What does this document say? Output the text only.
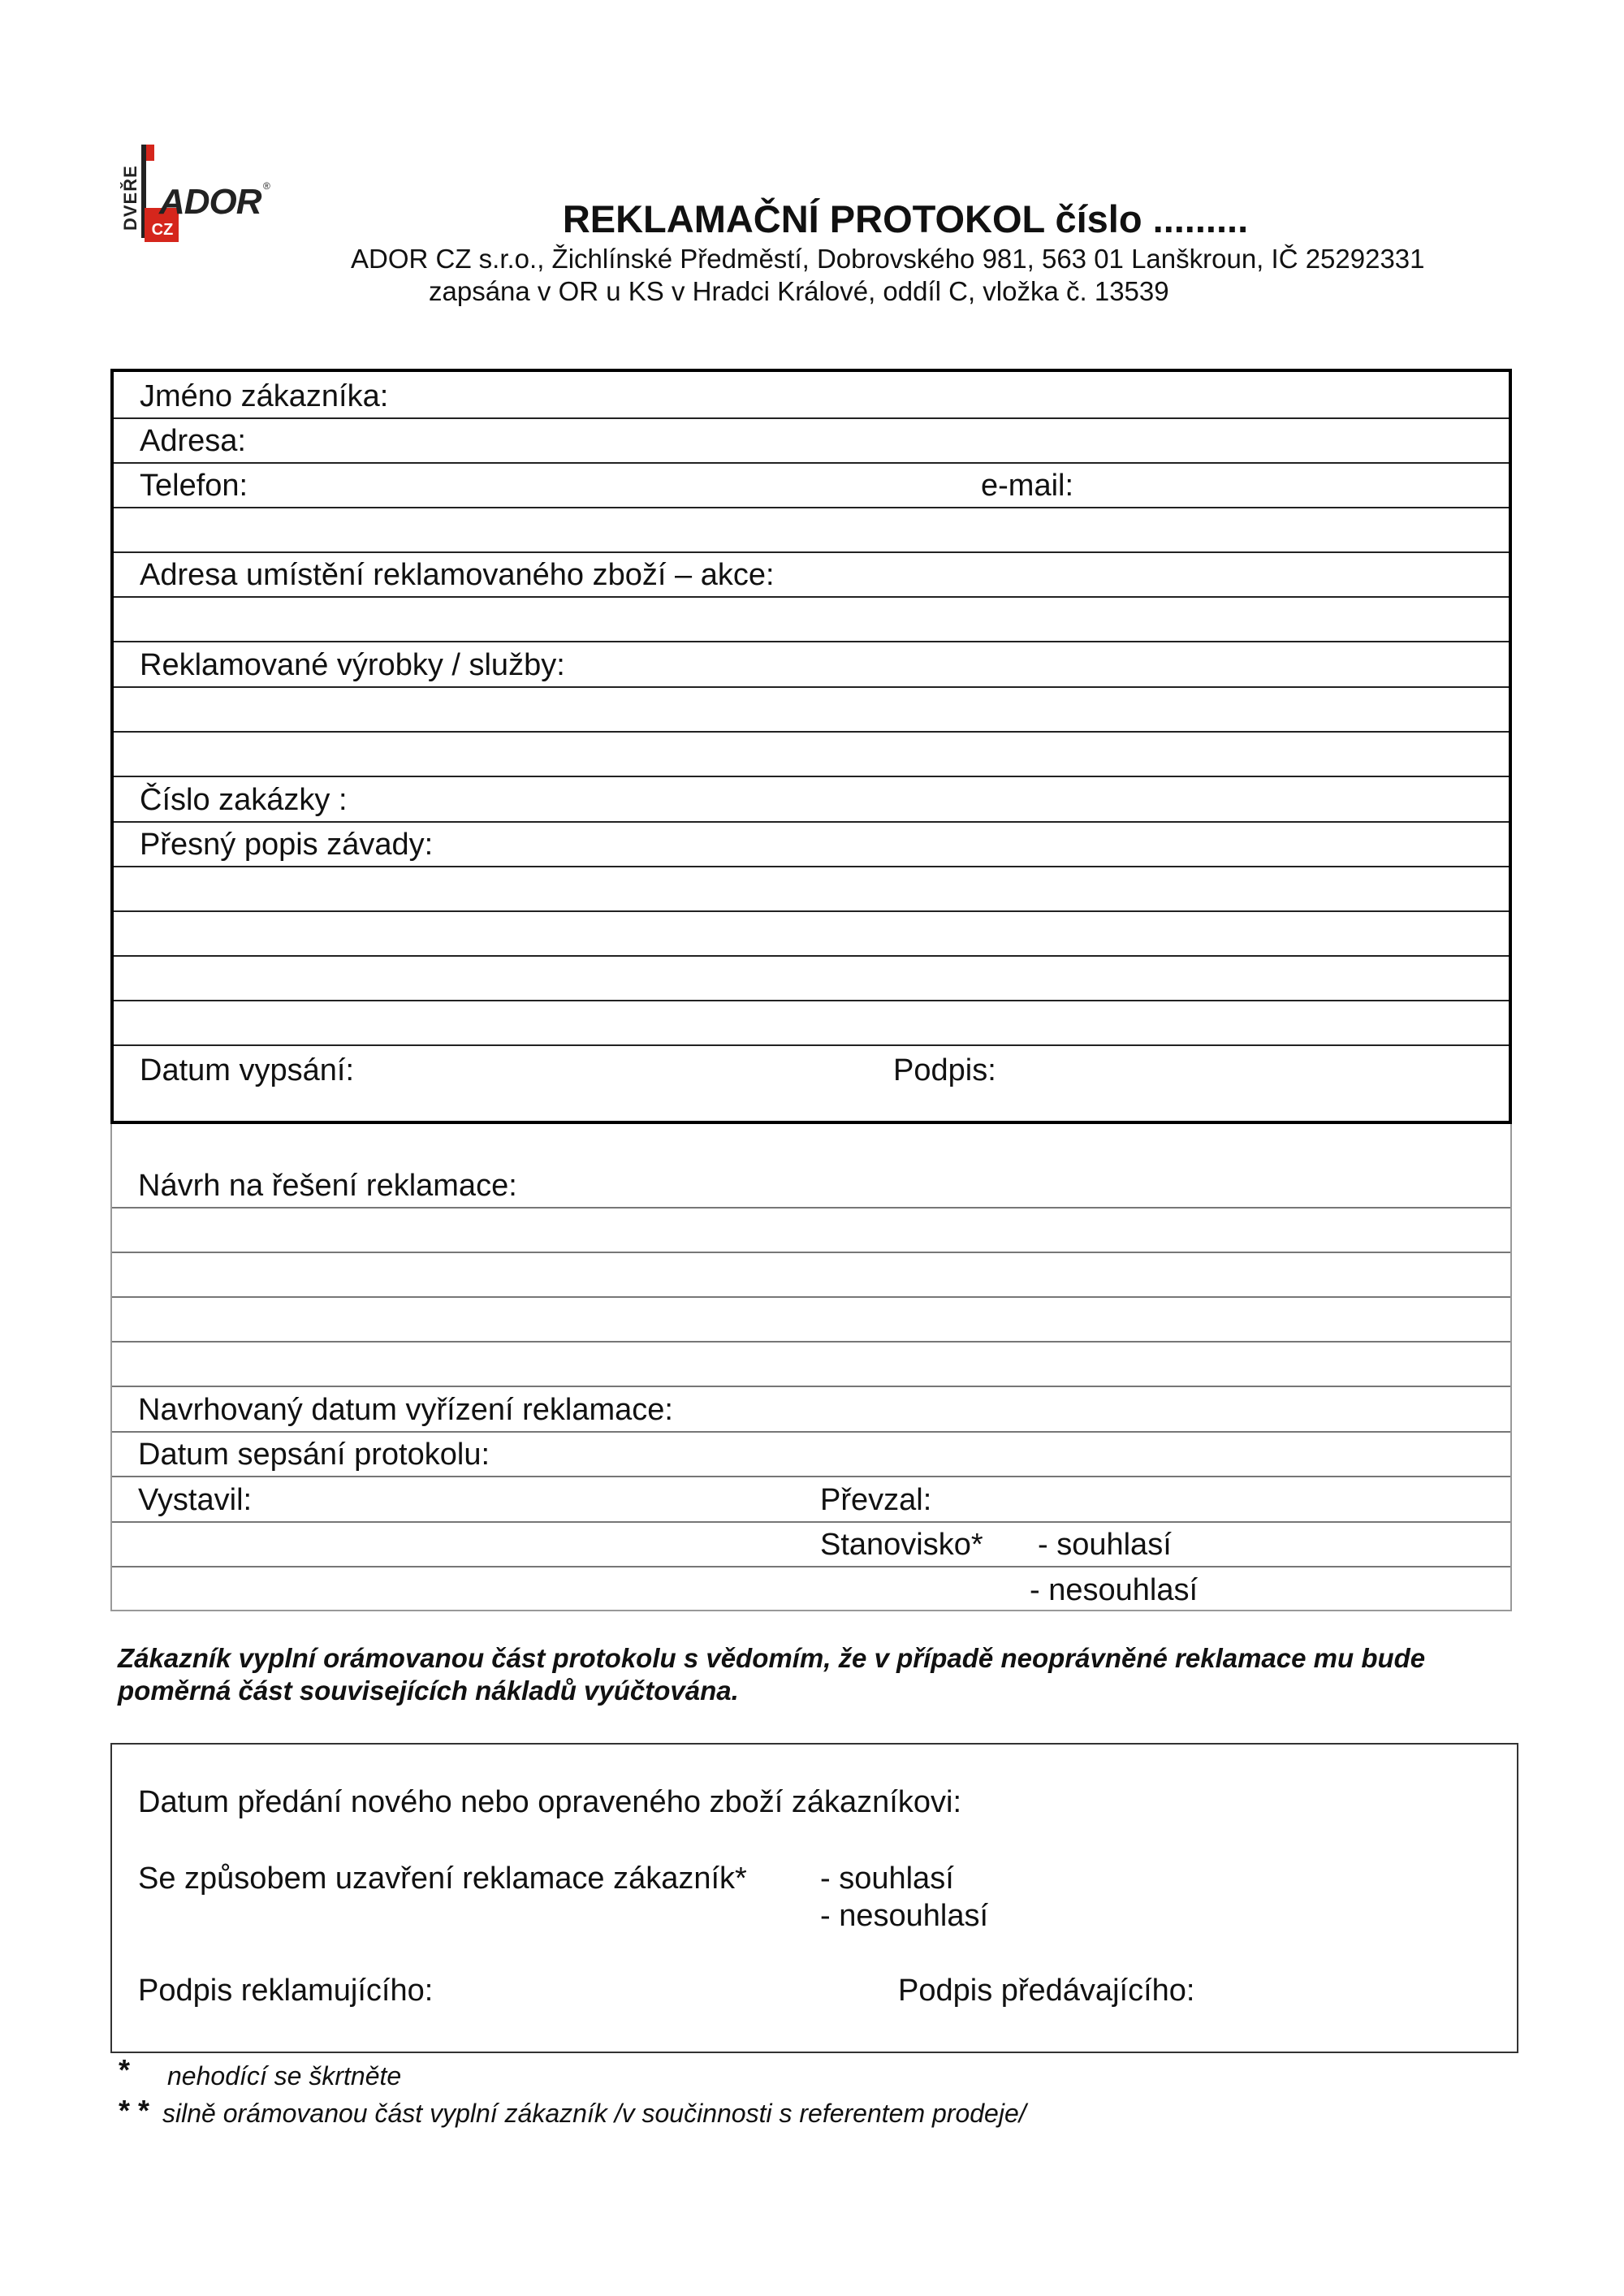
DVEŘE CZ
ADOR ®
REKLAMAČNÍ PROTOKOL číslo .........
ADOR CZ s.r.o., Žichlínské Předměstí, Dobrovského 981, 563 01 Lanškroun, IČ 25292331
zapsána v OR u KS v Hradci Králové, oddíl C, vložka č. 13539
Jméno zákazníka:
Adresa:
Telefon:	e-mail:
Adresa umístění reklamovaného zboží – akce:
Reklamované výrobky / služby:
Číslo zakázky :
Přesný popis závady:
Datum vypsání:	Podpis:
Návrh na řešení reklamace:
Navrhovaný datum vyřízení reklamace:
Datum sepsání protokolu:
Vystavil:	Převzal:
Stanovisko* - souhlasí
- nesouhlasí
Zákazník vyplní orámovanou část protokolu s vědomím, že v případě neoprávněné reklamace mu bude poměrná část souvisejících nákladů vyúčtována.
Datum předání nového nebo opraveného zboží zákazníkovi:
Se způsobem uzavření reklamace zákazník* - souhlasí
- nesouhlasí
Podpis reklamujícího:	Podpis předávajícího:
* nehodící se škrtněte
* * silně orámovanou část vyplní zákazník /v součinnosti s referentem prodeje/
